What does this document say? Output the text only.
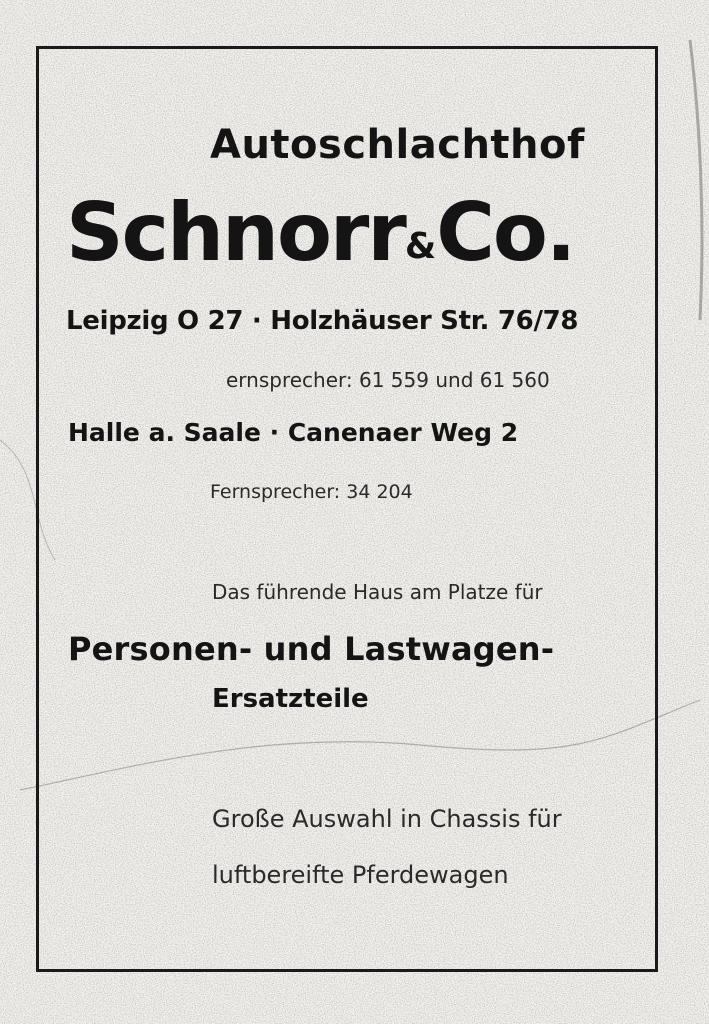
Autoschlachthof
Schnorr&Co.
Leipzig O 27 · Holzhäuser Str. 76/78
ernsprecher: 61 559 und 61 560
Halle a. Saale · Canenaer Weg 2
Fernsprecher: 34 204
Das führende Haus am Platze für
Personen- und Lastwagen-
Ersatzteile
Große Auswahl in Chassis für
luftbereifte Pferdewagen
